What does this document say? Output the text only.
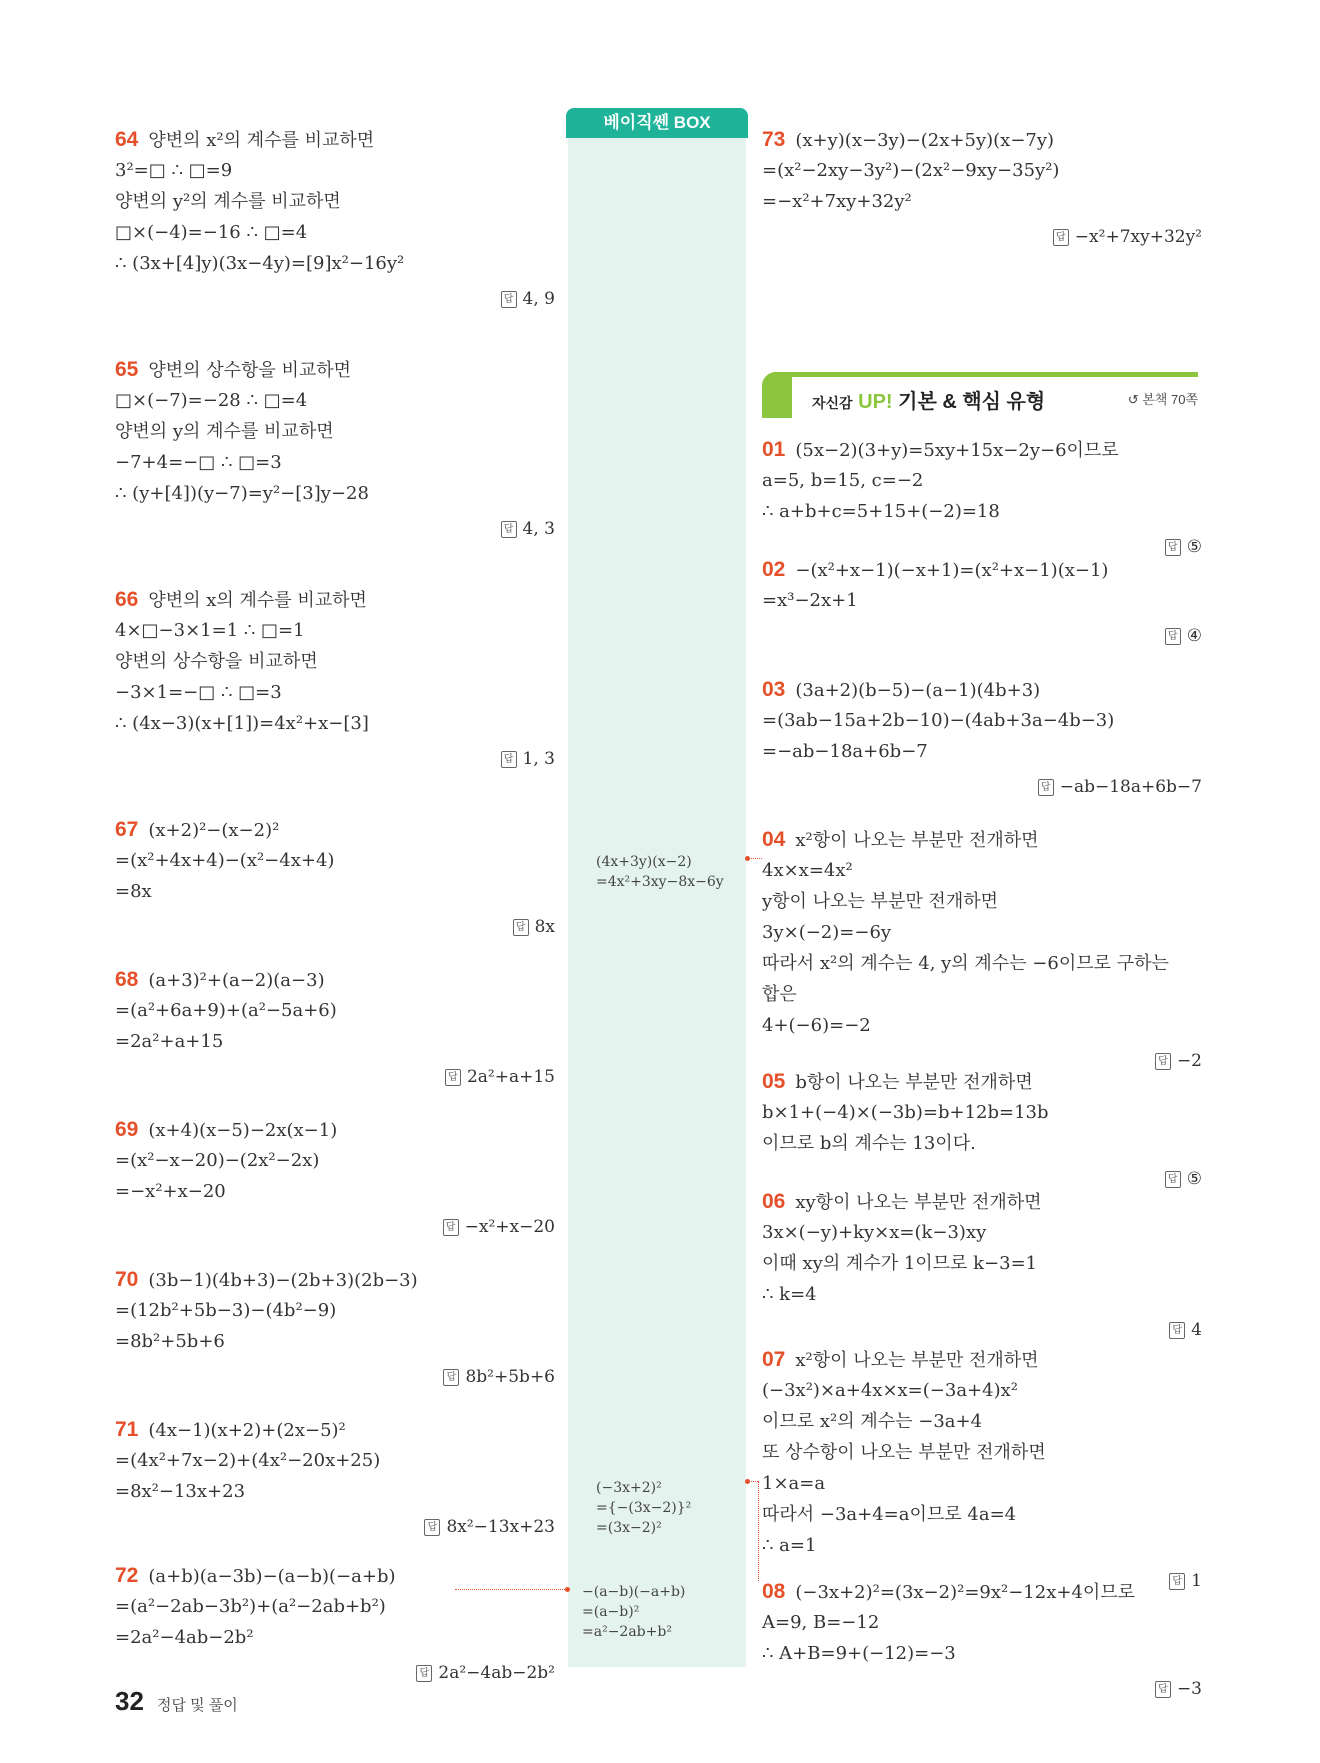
베이직쎈 BOX
(4x+3y)(x−2)
=4x²+3xy−8x−6y
(−3x+2)²
={−(3x−2)}²
=(3x−2)²
−(a−b)(−a+b)
=(a−b)²
=a²−2ab+b²
자신감 UP! 기본 & 핵심 유형	↺ 본책 70쪽
64 양변의 x²의 계수를 비교하면
3²=□ ∴ □=9
양변의 y²의 계수를 비교하면
□×(−4)=−16 ∴ □=4
∴ (3x+[4]y)(3x−4y)=[9]x²−16y²
답 4, 9
65 양변의 상수항을 비교하면
□×(−7)=−28 ∴ □=4
양변의 y의 계수를 비교하면
−7+4=−□ ∴ □=3
∴ (y+[4])(y−7)=y²−[3]y−28
답 4, 3
66 양변의 x의 계수를 비교하면
4×□−3×1=1 ∴ □=1
양변의 상수항을 비교하면
−3×1=−□ ∴ □=3
∴ (4x−3)(x+[1])=4x²+x−[3]
답 1, 3
67 (x+2)²−(x−2)²
=(x²+4x+4)−(x²−4x+4)
=8x
답 8x
68 (a+3)²+(a−2)(a−3)
=(a²+6a+9)+(a²−5a+6)
=2a²+a+15
답 2a²+a+15
69 (x+4)(x−5)−2x(x−1)
=(x²−x−20)−(2x²−2x)
=−x²+x−20
답 −x²+x−20
70 (3b−1)(4b+3)−(2b+3)(2b−3)
=(12b²+5b−3)−(4b²−9)
=8b²+5b+6
답 8b²+5b+6
71 (4x−1)(x+2)+(2x−5)²
=(4x²+7x−2)+(4x²−20x+25)
=8x²−13x+23
답 8x²−13x+23
72 (a+b)(a−3b)−(a−b)(−a+b)
=(a²−2ab−3b²)+(a²−2ab+b²)
=2a²−4ab−2b²
답 2a²−4ab−2b²
73 (x+y)(x−3y)−(2x+5y)(x−7y)
=(x²−2xy−3y²)−(2x²−9xy−35y²)
=−x²+7xy+32y²
답 −x²+7xy+32y²
01 (5x−2)(3+y)=5xy+15x−2y−6이므로
a=5, b=15, c=−2
∴ a+b+c=5+15+(−2)=18
답 ⑤
02 −(x²+x−1)(−x+1)=(x²+x−1)(x−1)
=x³−2x+1
답 ④
03 (3a+2)(b−5)−(a−1)(4b+3)
=(3ab−15a+2b−10)−(4ab+3a−4b−3)
=−ab−18a+6b−7
답 −ab−18a+6b−7
04 x²항이 나오는 부분만 전개하면
4x×x=4x²
y항이 나오는 부분만 전개하면
3y×(−2)=−6y
따라서 x²의 계수는 4, y의 계수는 −6이므로 구하는
합은
4+(−6)=−2
답 −2
05 b항이 나오는 부분만 전개하면
b×1+(−4)×(−3b)=b+12b=13b
이므로 b의 계수는 13이다.
답 ⑤
06 xy항이 나오는 부분만 전개하면
3x×(−y)+ky×x=(k−3)xy
이때 xy의 계수가 1이므로 k−3=1
∴ k=4
답 4
07 x²항이 나오는 부분만 전개하면
(−3x²)×a+4x×x=(−3a+4)x²
이므로 x²의 계수는 −3a+4
또 상수항이 나오는 부분만 전개하면
1×a=a
따라서 −3a+4=a이므로 4a=4
∴ a=1
답 1
08 (−3x+2)²=(3x−2)²=9x²−12x+4이므로
A=9, B=−12
∴ A+B=9+(−12)=−3
답 −3
32 정답 및 풀이
